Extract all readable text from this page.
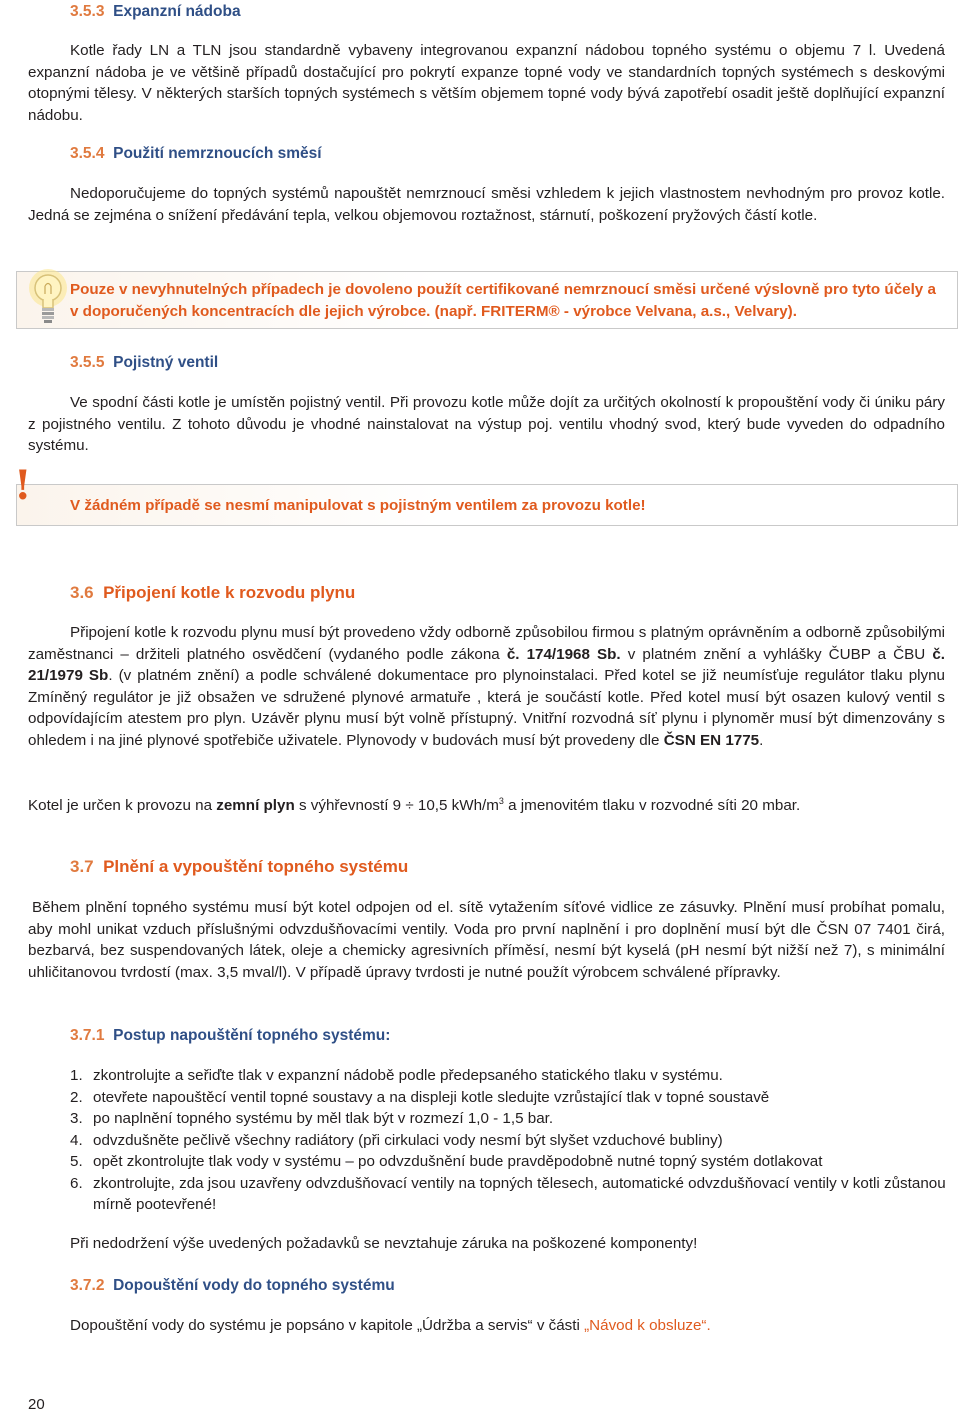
3.5.3 Expanzní nádoba
Kotle řady LN a TLN jsou standardně vybaveny integrovanou expanzní nádobou topného systému o objemu 7 l. Uvedená expanzní nádoba je ve většině případů dostačující pro pokrytí expanze topné vody ve standardních topných systémech s deskovými otopnými tělesy. V některých starších topných systémech s větším objemem topné vody bývá zapotřebí osadit ještě doplňující expanzní nádobu.
3.5.4 Použití nemrznoucích směsí
Nedoporučujeme do topných systémů napouštět nemrznoucí směsi vzhledem k jejich vlastnostem nevhodným pro provoz kotle. Jedná se zejména o snížení předávání tepla, velkou objemovou roztažnost, stárnutí, poškození pryžových částí kotle.
Pouze v nevyhnutelných případech je dovoleno použít certifikované nemrznoucí směsi určené výslovně pro tyto účely a v doporučených koncentracích dle jejich výrobce. (např. FRITERM® - výrobce Velvana, a.s., Velvary).
3.5.5 Pojistný ventil
Ve spodní části kotle je umístěn pojistný ventil. Při provozu kotle může dojít za určitých okolností k propouštění vody či úniku páry z pojistného ventilu. Z tohoto důvodu je vhodné nainstalovat na výstup poj. ventilu vhodný svod, který bude vyveden do odpadního systému.
!	V žádném případě se nesmí manipulovat s pojistným ventilem za provozu kotle!
3.6 Připojení kotle k rozvodu plynu
Připojení kotle k rozvodu plynu musí být provedeno vždy odborně způsobilou firmou s platným oprávněním a odborně způsobilými zaměstnanci – držiteli platného osvědčení (vydaného podle zákona č. 174/1968 Sb. v platném znění a vyhlášky ČUBP a ČBU č. 21/1979 Sb. (v platném znění) a podle schválené dokumentace pro plynoinstalaci. Před kotel se již neumísťuje regulátor tlaku plynu Zmíněný regulátor je již obsažen ve sdružené plynové armatuře , která je součástí kotle. Před kotel musí být osazen kulový ventil s odpovídajícím atestem pro plyn. Uzávěr plynu musí být volně přístupný. Vnitřní rozvodná síť plynu i plynoměr musí být dimenzovány s ohledem i na jiné plynové spotřebiče uživatele. Plynovody v budovách musí být provedeny dle ČSN EN 1775.
Kotel je určen k provozu na zemní plyn s výhřevností 9 ÷ 10,5 kWh/$m^3$ a jmenovitém tlaku v rozvodné síti 20 mbar.
3.7 Plnění a vypouštění topného systému
Během plnění topného systému musí být kotel odpojen od el. sítě vytažením síťové vidlice ze zásuvky. Plnění musí probíhat pomalu, aby mohl unikat vzduch příslušnými odvzdušňovacími ventily. Voda pro první naplnění i pro doplnění musí být dle ČSN 07 7401 čirá, bezbarvá, bez suspendovaných látek, oleje a chemicky agresivních příměsí, nesmí být kyselá (pH nesmí být nižší než 7), s minimální uhličitanovou tvrdostí (max. 3,5 mval/l). V případě úpravy tvrdosti je nutné použít výrobcem schválené přípravky.
3.7.1 Postup napouštění topného systému:
1. zkontrolujte a seřiďte tlak v expanzní nádobě podle předepsaného statického tlaku v systému.
2. otevřete napouštěcí ventil topné soustavy a na displeji kotle sledujte vzrůstající tlak v topné soustavě
3. po naplnění topného systému by měl tlak být v rozmezí 1,0 - 1,5 bar.
4. odvzdušněte pečlivě všechny radiátory (při cirkulaci vody nesmí být slyšet vzduchové bubliny)
5. opět zkontrolujte tlak vody v systému – po odvzdušnění bude pravděpodobně nutné topný systém dotlakovat
6. zkontrolujte, zda jsou uzavřeny odvzdušňovací ventily na topných tělesech, automatické odvzdušňovací ventily v kotli zůstanou mírně pootevřené!
Při nedodržení výše uvedených požadavků se nevztahuje záruka na poškozené komponenty!
3.7.2 Dopouštění vody do topného systému
Dopouštění vody do systému je popsáno v kapitole „Údržba a servis“ v části „Návod k obsluze“.
20
